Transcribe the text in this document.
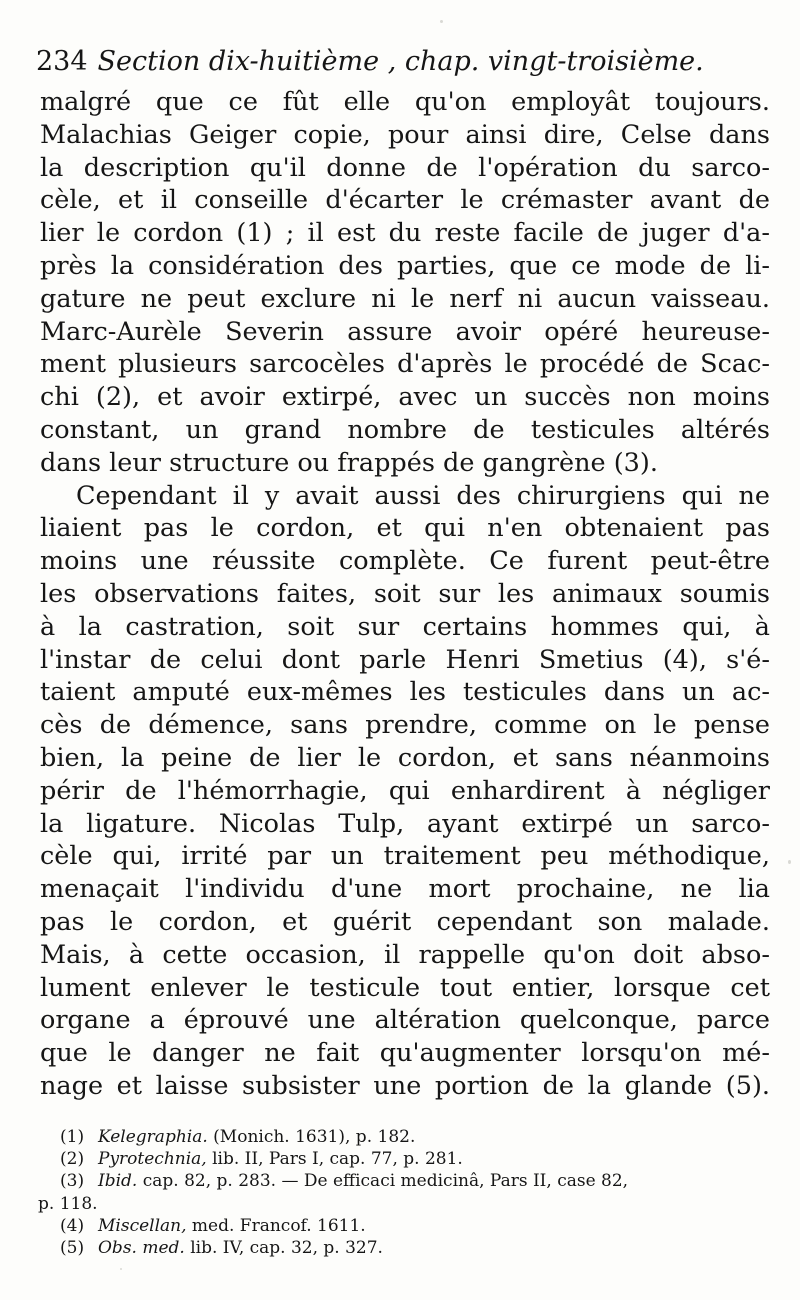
234 Section dix-huitième , chap. vingt-troisième.
malgré que ce fût elle qu'on employât toujours.
Malachias Geiger copie, pour ainsi dire, Celse dans
la description qu'il donne de l'opération du sarco-
cèle, et il conseille d'écarter le crémaster avant de
lier le cordon (1) ; il est du reste facile de juger d'a-
près la considération des parties, que ce mode de li-
gature ne peut exclure ni le nerf ni aucun vaisseau.
Marc-Aurèle Severin assure avoir opéré heureuse-
ment plusieurs sarcocèles d'après le procédé de Scac-
chi (2), et avoir extirpé, avec un succès non moins
constant, un grand nombre de testicules altérés
dans leur structure ou frappés de gangrène (3).
Cependant il y avait aussi des chirurgiens qui ne
liaient pas le cordon, et qui n'en obtenaient pas
moins une réussite complète. Ce furent peut-être
les observations faites, soit sur les animaux soumis
à la castration, soit sur certains hommes qui, à
l'instar de celui dont parle Henri Smetius (4), s'é-
taient amputé eux-mêmes les testicules dans un ac-
cès de démence, sans prendre, comme on le pense
bien, la peine de lier le cordon, et sans néanmoins
périr de l'hémorrhagie, qui enhardirent à négliger
la ligature. Nicolas Tulp, ayant extirpé un sarco-
cèle qui, irrité par un traitement peu méthodique,
menaçait l'individu d'une mort prochaine, ne lia
pas le cordon, et guérit cependant son malade.
Mais, à cette occasion, il rappelle qu'on doit abso-
lument enlever le testicule tout entier, lorsque cet
organe a éprouvé une altération quelconque, parce
que le danger ne fait qu'augmenter lorsqu'on mé-
nage et laisse subsister une portion de la glande (5).
(1) Kelegraphia. (Monich. 1631), p. 182.
(2) Pyrotechnia, lib. II, Pars I, cap. 77, p. 281.
(3) Ibid. cap. 82, p. 283. — De efficaci medicinâ, Pars II, case 82,
p. 118.
(4) Miscellan, med. Francof. 1611.
(5) Obs. med. lib. IV, cap. 32, p. 327.
